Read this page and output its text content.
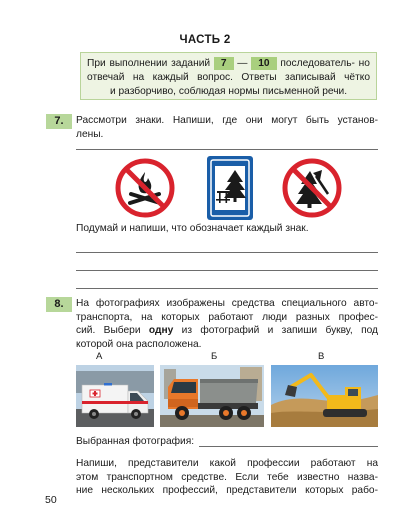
ЧАСТЬ 2
При выполнении заданий 7 — 10 последователь- но отвечай на каждый вопрос. Ответы записывай чётко
и разборчиво, соблюдая нормы письменной речи.
7.	Рассмотри знаки. Напиши, где они могут быть установ-
лены.
Подумай и напиши, что обозначает каждый знак.
8.	На фотографиях изображены средства специального авто-
транспорта, на которых работают люди разных профес-
сий. Выбери одну из фотографий и запиши букву, под
которой она расположена.
А	Б	В
Выбранная фотография:
Напиши, представители какой профессии работают на
этом транспортном средстве. Если тебе известно назва-
ние нескольких профессий, представители которых рабо-
50
